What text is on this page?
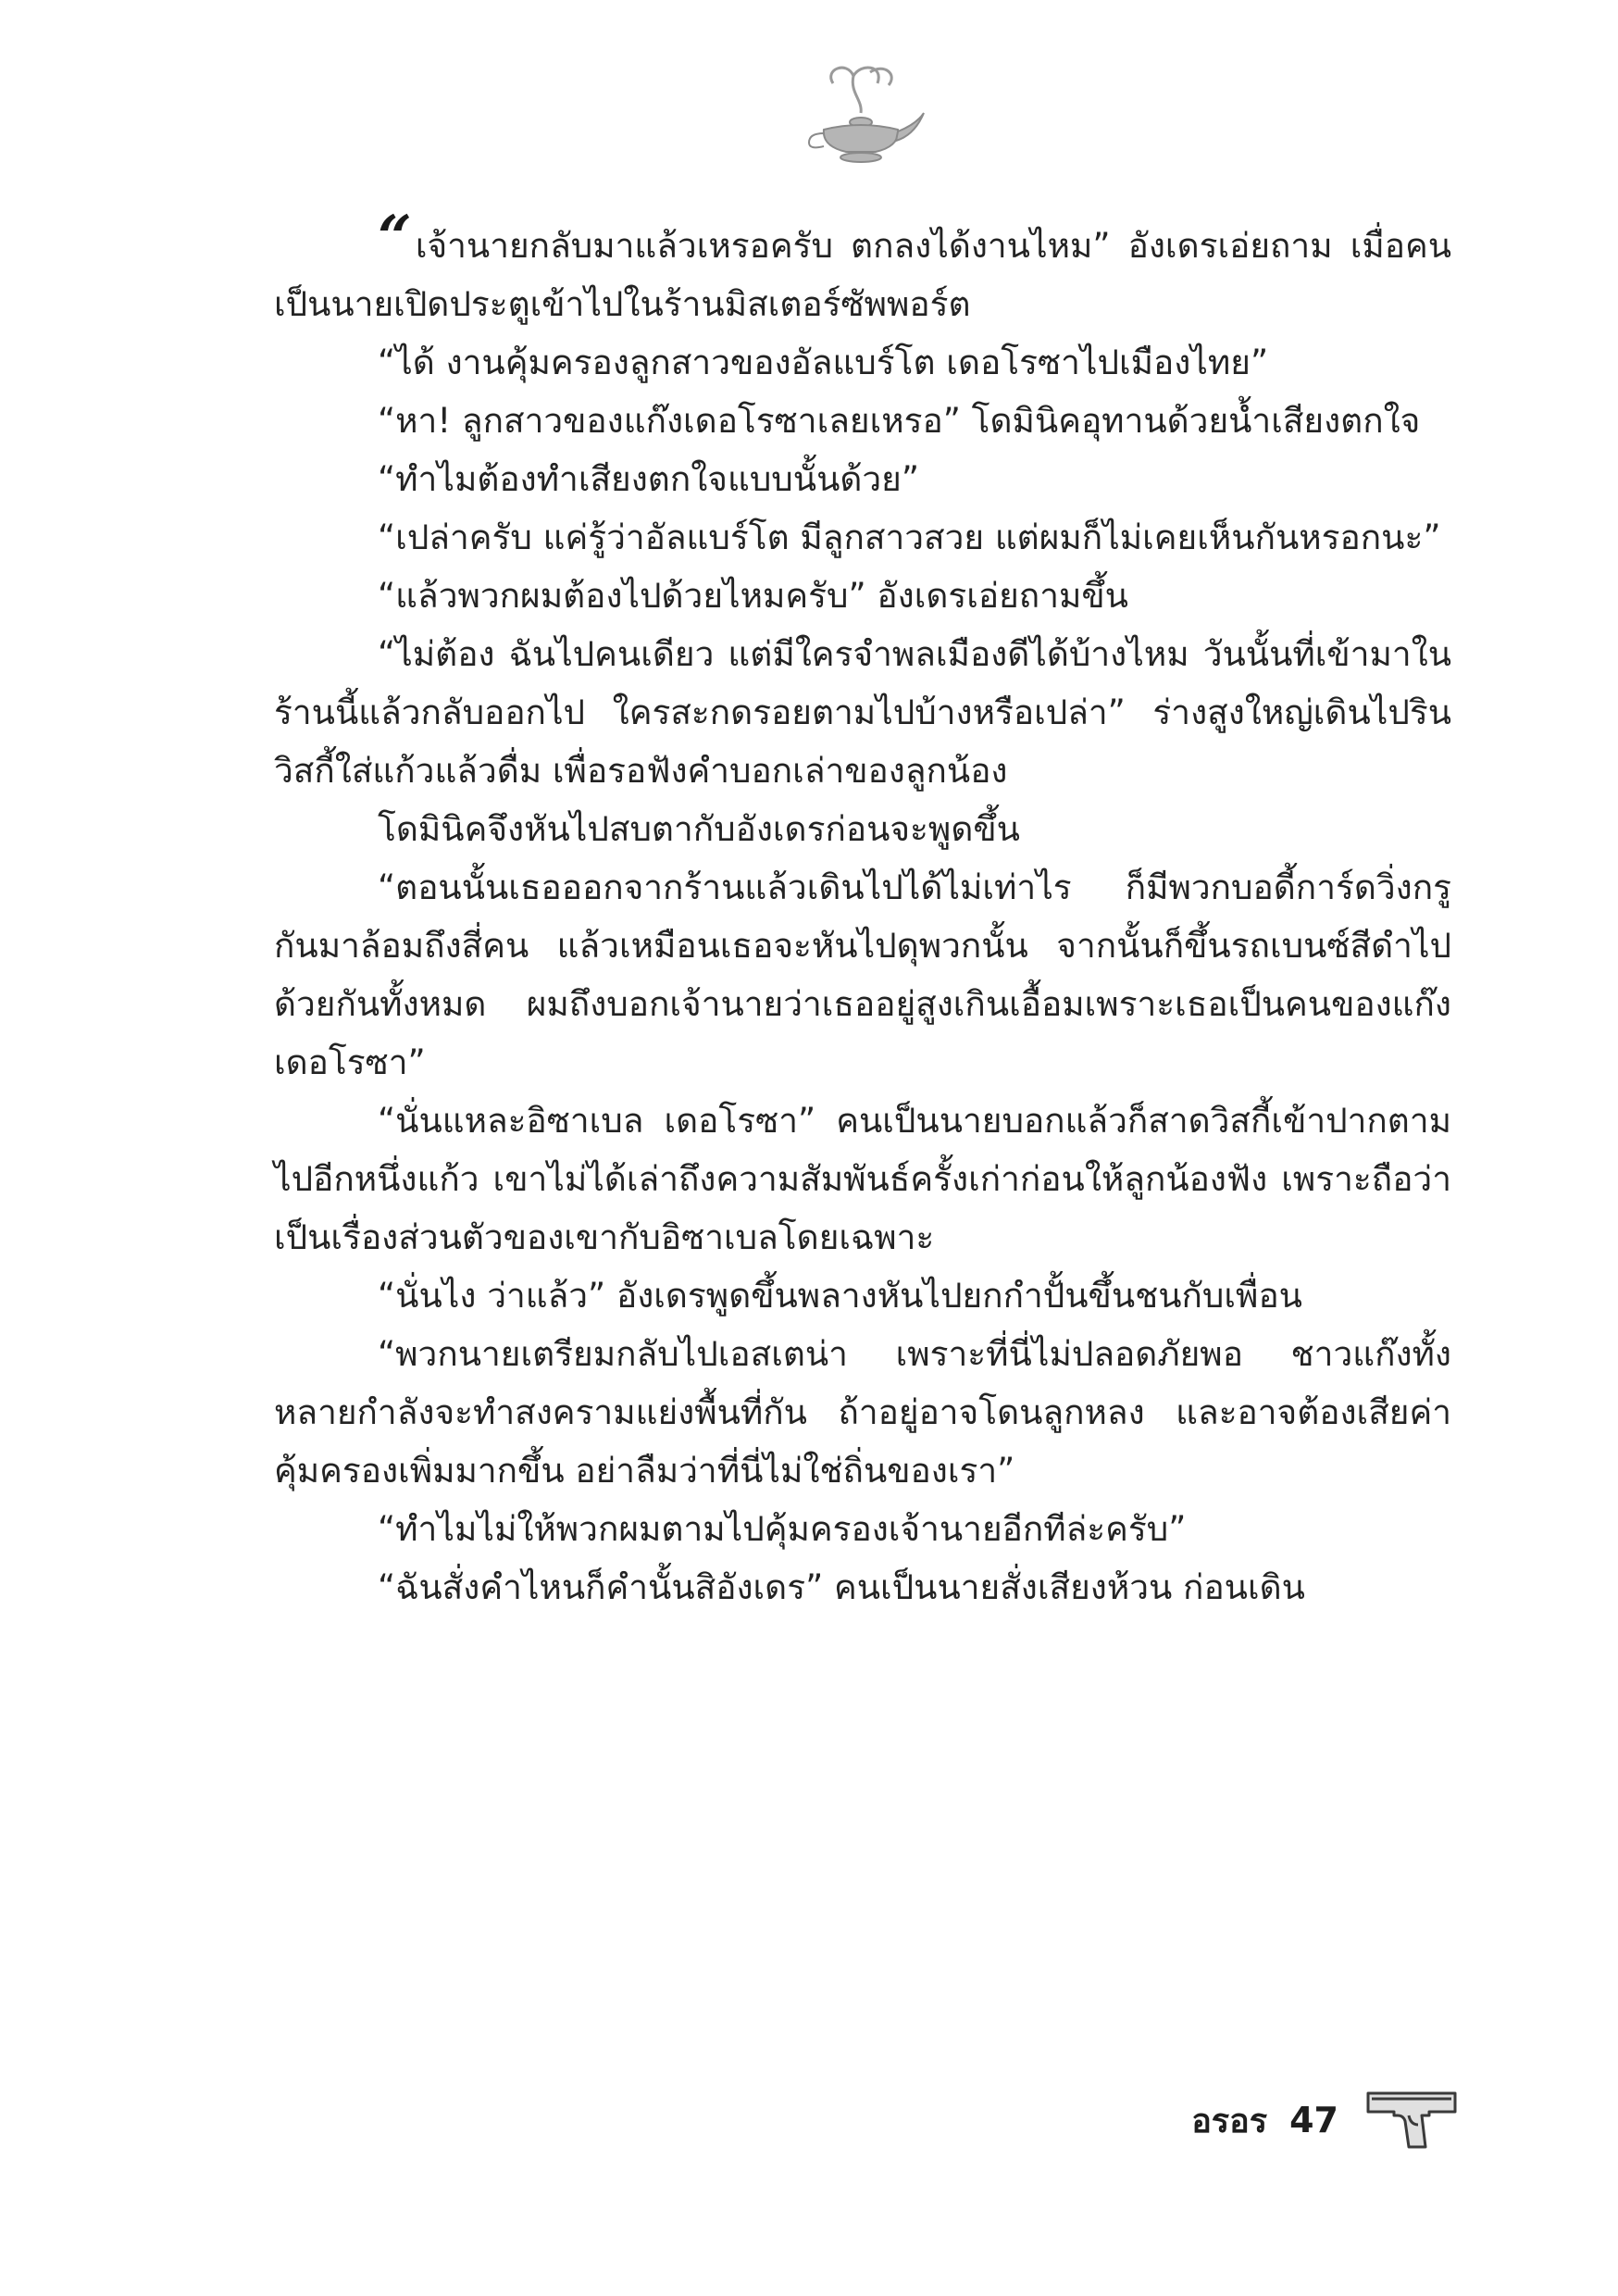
“ เจ้านายกลับมาแล้วเหรอครับ ตกลงได้งานไหม” อังเดรเอ่ยถาม เมื่อคนเป็นนายเปิดประตูเข้าไปในร้านมิสเตอร์ซัพพอร์ต

“ได้ งานคุ้มครองลูกสาวของอัลแบร์โต เดอโรซาไปเมืองไทย”

“หา! ลูกสาวของแก๊งเดอโรซาเลยเหรอ” โดมินิคอุทานด้วยน้ำเสียงตกใจ

“ทำไมต้องทำเสียงตกใจแบบนั้นด้วย”

“เปล่าครับ แค่รู้ว่าอัลแบร์โต มีลูกสาวสวย แต่ผมก็ไม่เคยเห็นกันหรอกนะ”

“แล้วพวกผมต้องไปด้วยไหมครับ” อังเดรเอ่ยถามขึ้น

“ไม่ต้อง ฉันไปคนเดียว แต่มีใครจำพลเมืองดีได้บ้างไหม วันนั้นที่เข้ามาในร้านนี้แล้วกลับออกไป ใครสะกดรอยตามไปบ้างหรือเปล่า” ร่างสูงใหญ่เดินไปรินวิสกี้ใส่แก้วแล้วดื่ม เพื่อรอฟังคำบอกเล่าของลูกน้อง

โดมินิคจึงหันไปสบตากับอังเดรก่อนจะพูดขึ้น

“ตอนนั้นเธอออกจากร้านแล้วเดินไปได้ไม่เท่าไร ก็มีพวกบอดี้การ์ดวิ่งกรูกันมาล้อมถึงสี่คน แล้วเหมือนเธอจะหันไปดุพวกนั้น จากนั้นก็ขึ้นรถเบนซ์สีดำไปด้วยกันทั้งหมด ผมถึงบอกเจ้านายว่าเธออยู่สูงเกินเอื้อมเพราะเธอเป็นคนของแก๊งเดอโรซา”

“นั่นแหละอิซาเบล เดอโรซา” คนเป็นนายบอกแล้วก็สาดวิสกี้เข้าปากตามไปอีกหนึ่งแก้ว เขาไม่ได้เล่าถึงความสัมพันธ์ครั้งเก่าก่อนให้ลูกน้องฟัง เพราะถือว่าเป็นเรื่องส่วนตัวของเขากับอิซาเบลโดยเฉพาะ

“นั่นไง ว่าแล้ว” อังเดรพูดขึ้นพลางหันไปยกกำปั้นขึ้นชนกับเพื่อน

“พวกนายเตรียมกลับไปเอสเตน่า เพราะที่นี่ไม่ปลอดภัยพอ ชาวแก๊งทั้งหลายกำลังจะทำสงครามแย่งพื้นที่กัน ถ้าอยู่อาจโดนลูกหลง และอาจต้องเสียค่าคุ้มครองเพิ่มมากขึ้น อย่าลืมว่าที่นี่ไม่ใช่ถิ่นของเรา”

“ทำไมไม่ให้พวกผมตามไปคุ้มครองเจ้านายอีกทีล่ะครับ”

“ฉันสั่งคำไหนก็คำนั้นสิอังเดร” คนเป็นนายสั่งเสียงห้วน ก่อนเดิน

อรอร 47
